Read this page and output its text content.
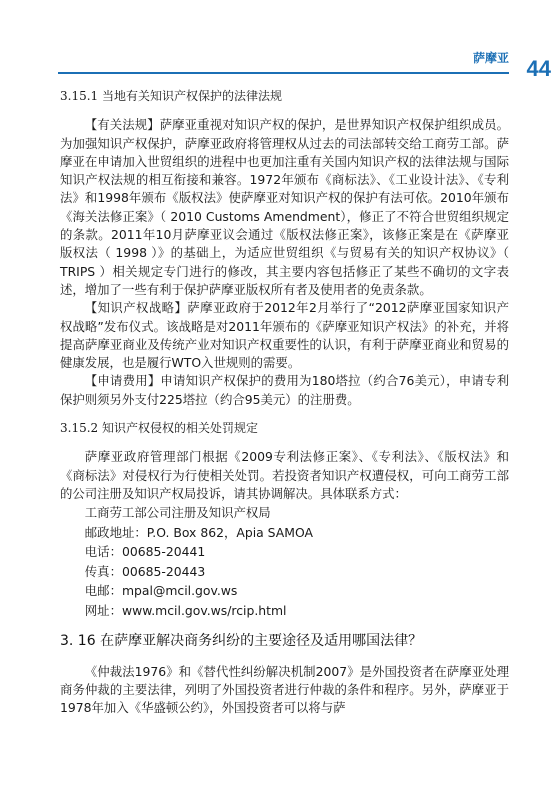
萨摩亚 44

3.15.1 当地有关知识产权保护的法律法规

【有关法规】萨摩亚重视对知识产权的保护，是世界知识产权保护组织成员。为加强知识产权保护，萨摩亚政府将管理权从过去的司法部转交给工商劳工部。萨摩亚在申请加入世贸组织的进程中也更加注重有关国内知识产权的法律法规与国际知识产权法规的相互衔接和兼容。1972年颁布《商标法》、《工业设计法》、《专利法》和1998年颁布《版权法》使萨摩亚对知识产权的保护有法可依。2010年颁布《海关法修正案》（ 2010 Customs Amendment），修正了不符合世贸组织规定的条款。2011年10月萨摩亚议会通过《版权法修正案》，该修正案是在《萨摩亚版权法（ 1998 ）》的基础上，为适应世贸组织《与贸易有关的知识产权协议》（ TRIPS ）相关规定专门进行的修改，其主要内容包括修正了某些不确切的文字表述，增加了一些有利于保护萨摩亚版权所有者及使用者的免责条款。

【知识产权战略】萨摩亚政府于2012年2月举行了“2012萨摩亚国家知识产权战略”发布仪式。该战略是对2011年颁布的《萨摩亚知识产权法》的补充，并将提高萨摩亚商业及传统产业对知识产权重要性的认识，有利于萨摩亚商业和贸易的健康发展，也是履行WTO入世规则的需要。

【申请费用】申请知识产权保护的费用为180塔拉（约合76美元），申请专利保护则须另外支付225塔拉（约合95美元）的注册费。

3.15.2 知识产权侵权的相关处罚规定

萨摩亚政府管理部门根据《2009专利法修正案》、《专利法》、《版权法》和《商标法》对侵权行为行使相关处罚。若投资者知识产权遭侵权，可向工商劳工部的公司注册及知识产权局投诉，请其协调解决。具体联系方式：

工商劳工部公司注册及知识产权局

邮政地址：P.O. Box 862，Apia SAMOA

电话：00685-20441

传真：00685-20443

电邮：mpal@mcil.gov.ws

网址：www.mcil.gov.ws/rcip.html

3. 16 在萨摩亚解决商务纠纷的主要途径及适用哪国法律？

《仲裁法1976》和《替代性纠纷解决机制2007》是外国投资者在萨摩亚处理商务仲裁的主要法律，列明了外国投资者进行仲裁的条件和程序。另外，萨摩亚于1978年加入《华盛顿公约》，外国投资者可以将与萨
